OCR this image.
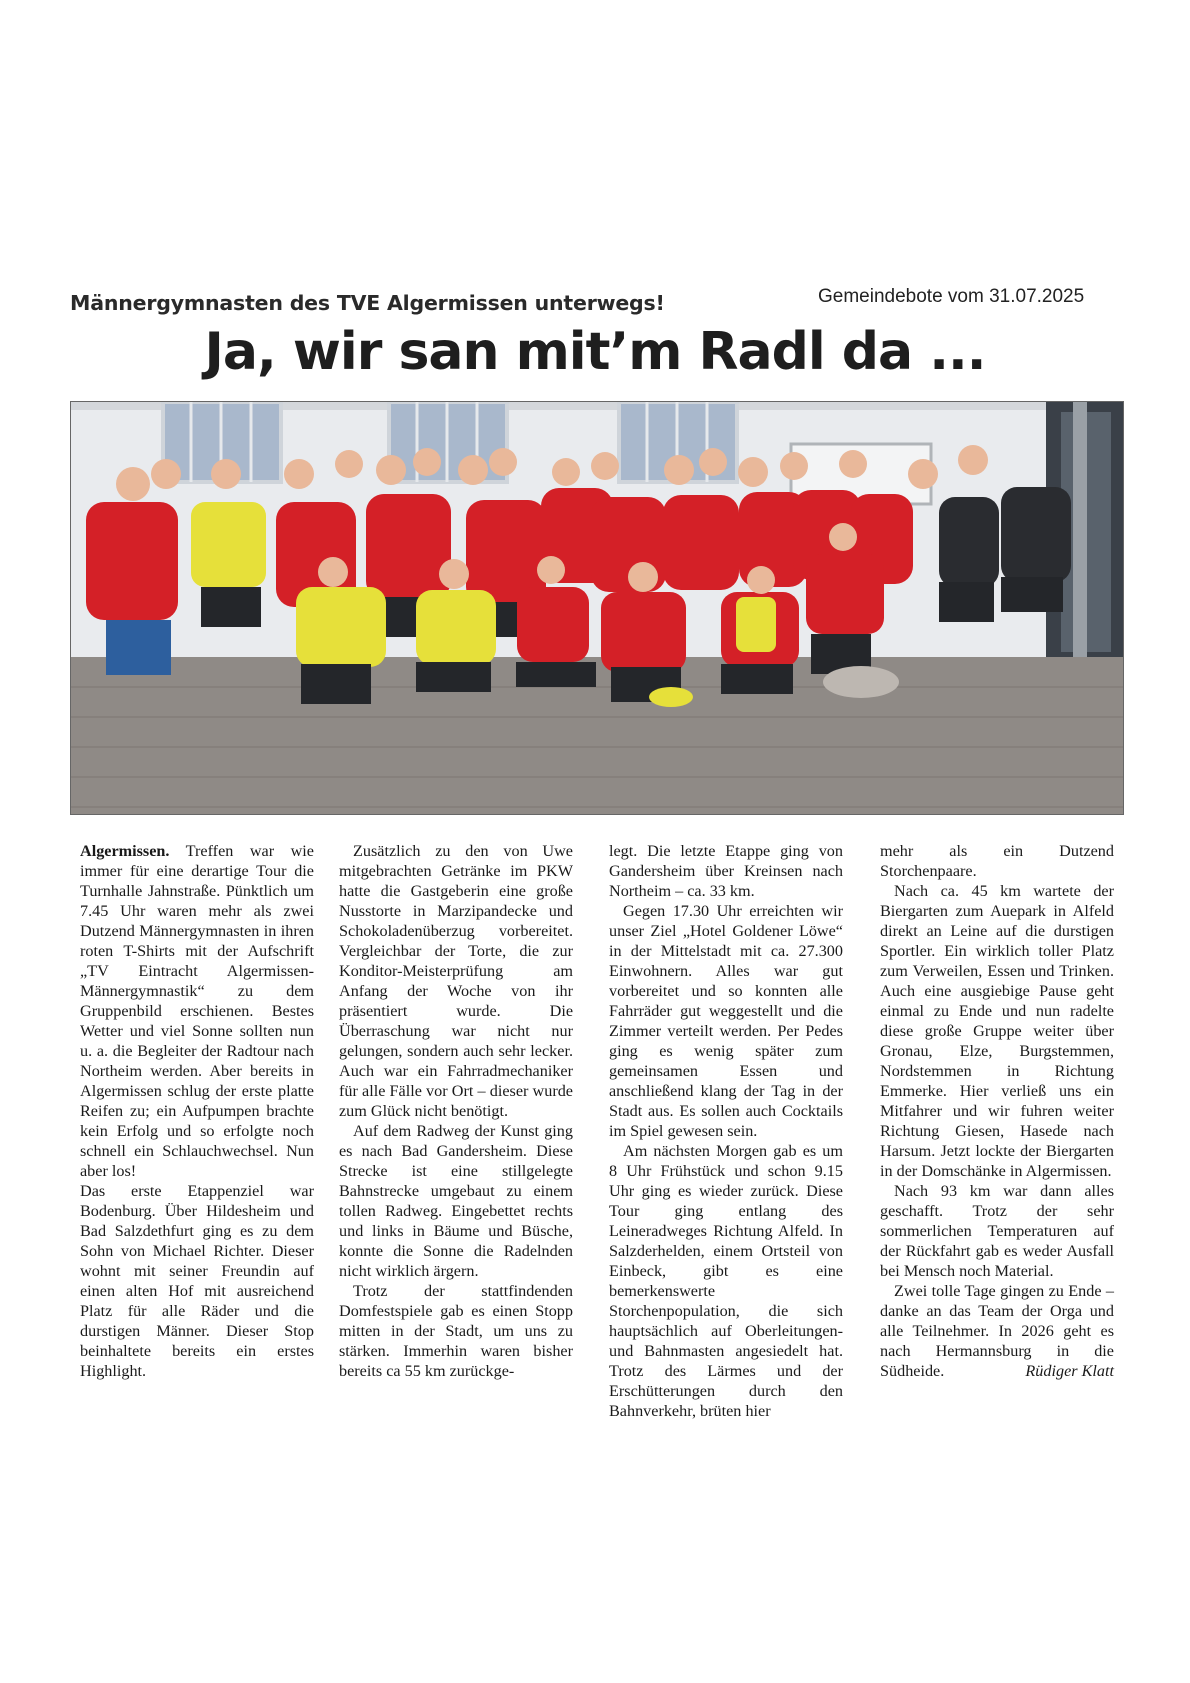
Gemeindebote vom 31.07.2025
Männergymnasten des TVE Algermissen unterwegs!
Ja, wir san mit’m Radl da ...

Algermissen. Treffen war wie immer für eine derartige Tour die Turnhalle Jahnstraße. Pünktlich um 7.45 Uhr waren mehr als zwei Dutzend Männergymnasten in ihren roten T-Shirts mit der Aufschrift „TV Eintracht Algermissen-Männergymnastik“ zu dem Gruppenbild erschienen. Bestes Wetter und viel Sonne sollten nun u. a. die Begleiter der Radtour nach Northeim werden. Aber bereits in Algermissen schlug der erste platte Reifen zu; ein Aufpumpen brachte kein Erfolg und so erfolgte noch schnell ein Schlauchwechsel. Nun aber los!

Das erste Etappenziel war Bodenburg. Über Hildesheim und Bad Salzdethfurt ging es zu dem Sohn von Michael Richter. Dieser wohnt mit seiner Freundin auf einen alten Hof mit ausreichend Platz für alle Räder und die durstigen Männer. Dieser Stop beinhaltete bereits ein erstes Highlight.

Zusätzlich zu den von Uwe mitgebrachten Getränke im PKW hatte die Gastgeberin eine große Nusstorte in Marzipandecke und Schokoladenüberzug vorbereitet. Vergleichbar der Torte, die zur Konditor-Meisterprüfung am Anfang der Woche von ihr präsentiert wurde. Die Überraschung war nicht nur gelungen, sondern auch sehr lecker. Auch war ein Fahrradmechaniker für alle Fälle vor Ort – dieser wurde zum Glück nicht benötigt.

Auf dem Radweg der Kunst ging es nach Bad Gandersheim. Diese Strecke ist eine stillgelegte Bahnstrecke umgebaut zu einem tollen Radweg. Eingebettet rechts und links in Bäume und Büsche, konnte die Sonne die Radelnden nicht wirklich ärgern.

Trotz der stattfindenden Domfestspiele gab es einen Stopp mitten in der Stadt, um uns zu stärken. Immerhin waren bisher bereits ca 55 km zurückge-

legt. Die letzte Etappe ging von Gandersheim über Kreinsen nach Northeim – ca. 33 km.

Gegen 17.30 Uhr erreichten wir unser Ziel „Hotel Goldener Löwe“ in der Mittelstadt mit ca. 27.300 Einwohnern. Alles war gut vorbereitet und so konnten alle Fahrräder gut weggestellt und die Zimmer verteilt werden. Per Pedes ging es wenig später zum gemeinsamen Essen und anschließend klang der Tag in der Stadt aus. Es sollen auch Cocktails im Spiel gewesen sein.

Am nächsten Morgen gab es um 8 Uhr Frühstück und schon 9.15 Uhr ging es wieder zurück. Diese Tour ging entlang des Leineradweges Richtung Alfeld. In Salzderhelden, einem Ortsteil von Einbeck, gibt es eine bemerkenswerte Storchenpopulation, die sich hauptsächlich auf Oberleitungen- und Bahnmasten angesiedelt hat. Trotz des Lärmes und der Erschütterungen durch den Bahnverkehr, brüten hier

mehr als ein Dutzend Storchenpaare.

Nach ca. 45 km wartete der Biergarten zum Auepark in Alfeld direkt an Leine auf die durstigen Sportler. Ein wirklich toller Platz zum Verweilen, Essen und Trinken. Auch eine ausgiebige Pause geht einmal zu Ende und nun radelte diese große Gruppe weiter über Gronau, Elze, Burgstemmen, Nordstemmen in Richtung Emmerke. Hier verließ uns ein Mitfahrer und wir fuhren weiter Richtung Giesen, Hasede nach Harsum. Jetzt lockte der Biergarten in der Domschänke in Algermissen.

Nach 93 km war dann alles geschafft. Trotz der sehr sommerlichen Temperaturen auf der Rückfahrt gab es weder Ausfall bei Mensch noch Material.

Zwei tolle Tage gingen zu Ende – danke an das Team der Orga und alle Teilnehmer. In 2026 geht es nach Hermannsburg in die Südheide.	Rüdiger Klatt
